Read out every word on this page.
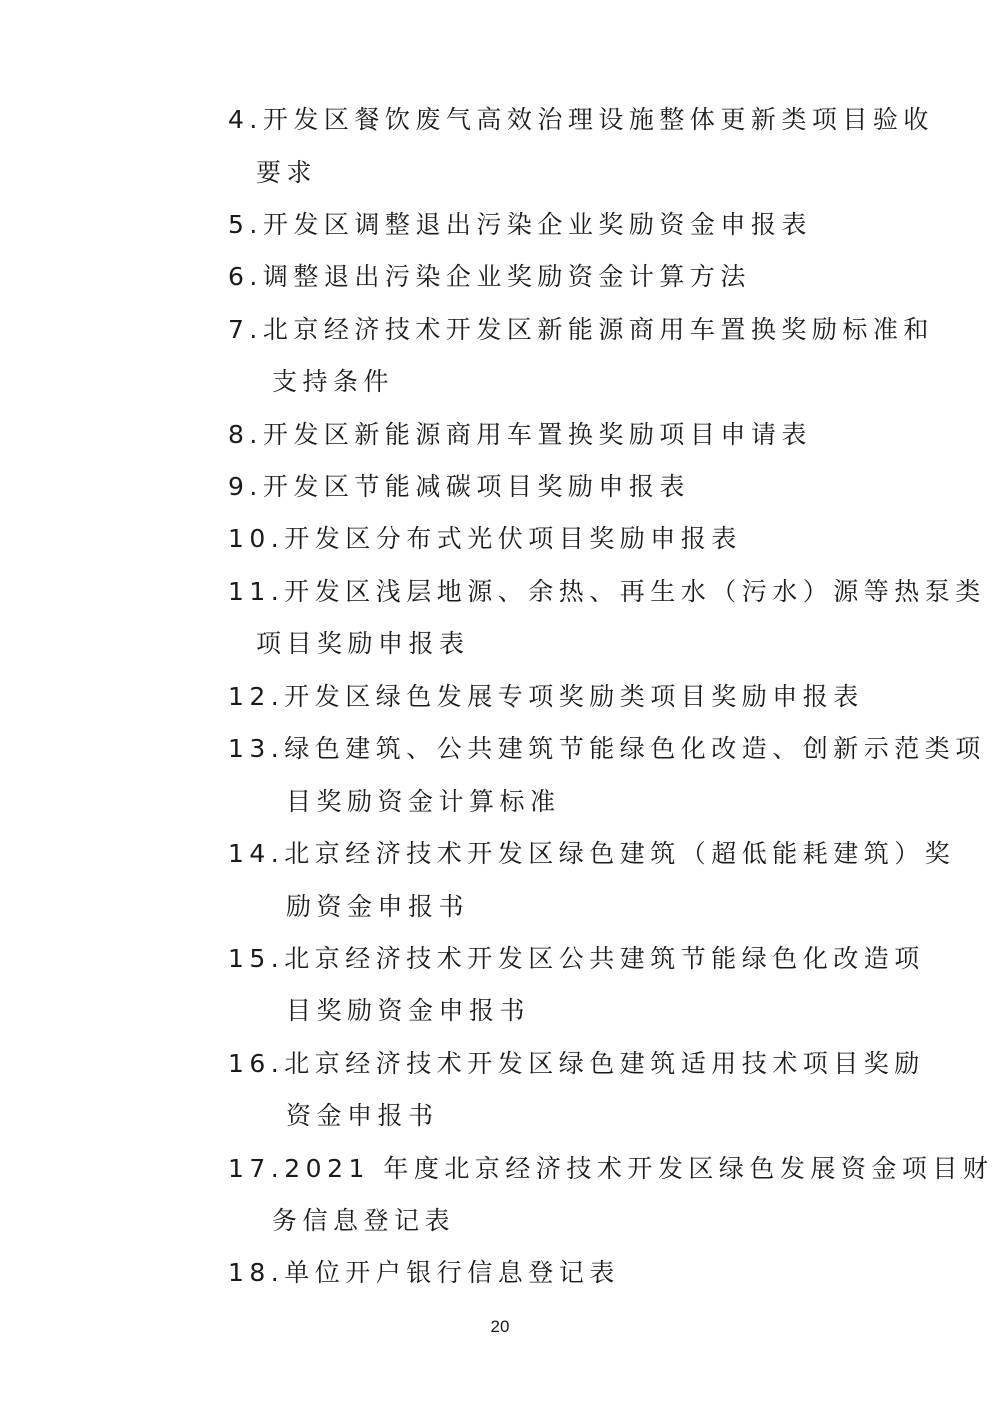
4.开发区餐饮废气高效治理设施整体更新类项目验收
要求
5.开发区调整退出污染企业奖励资金申报表
6.调整退出污染企业奖励资金计算方法
7.北京经济技术开发区新能源商用车置换奖励标准和
支持条件
8.开发区新能源商用车置换奖励项目申请表
9.开发区节能减碳项目奖励申报表
10.开发区分布式光伏项目奖励申报表
11.开发区浅层地源、余热、再生水（污水）源等热泵类
项目奖励申报表
12.开发区绿色发展专项奖励类项目奖励申报表
13.绿色建筑、公共建筑节能绿色化改造、创新示范类项
目奖励资金计算标准
14.北京经济技术开发区绿色建筑（超低能耗建筑）奖
励资金申报书
15.北京经济技术开发区公共建筑节能绿色化改造项
目奖励资金申报书
16.北京经济技术开发区绿色建筑适用技术项目奖励
资金申报书
17.2021 年度北京经济技术开发区绿色发展资金项目财
务信息登记表
18.单位开户银行信息登记表
20
